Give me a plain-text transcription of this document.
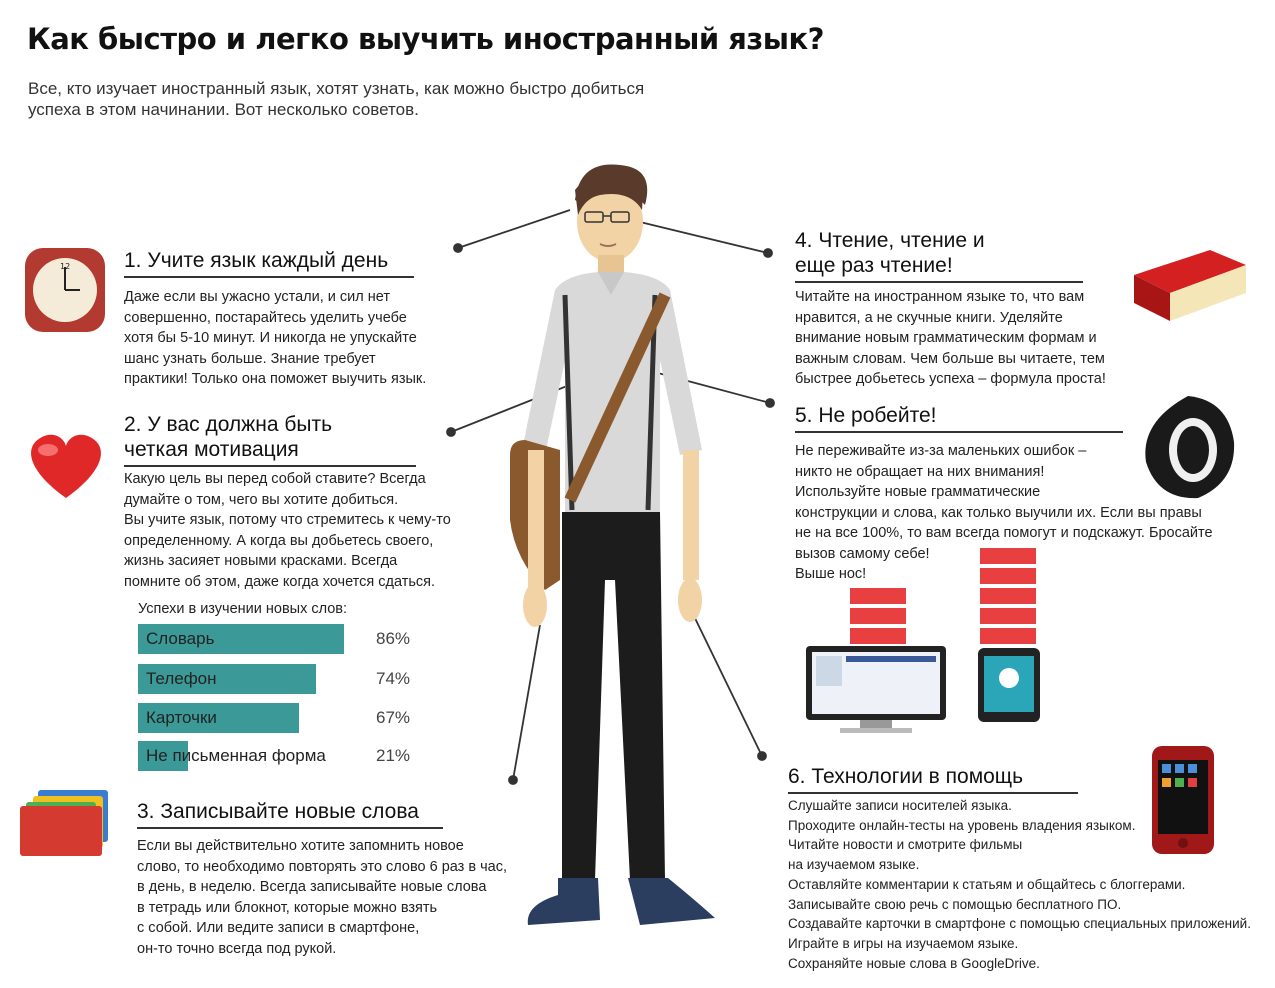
Как быстро и легко выучить иностранный язык?
Все, кто изучает иностранный язык, хотят узнать, как можно быстро добиться успеха в этом начинании. Вот несколько советов.
12	1. Учите язык каждый день
Даже если вы ужасно устали, и сил нет
совершенно, постарайтесь уделить учебе
хотя бы 5-10 минут. И никогда не упускайте
шанс узнать больше. Знание требует
практики! Только она поможет выучить язык.
2. У вас должна быть
четкая мотивация
Какую цель вы перед собой ставите? Всегда
думайте о том, чего вы хотите добиться.
Вы учите язык, потому что стремитесь к чему-то
определенному. А когда вы добьетесь своего,
жизнь засияет новыми красками. Всегда
помните об этом, даже когда хочется сдаться.
Успехи в изучении новых слов:
Словарь	86%
Телефон	74%
Карточки	67%
Не письменная форма	21%
3. Записывайте новые слова
Если вы действительно хотите запомнить новое
слово, то необходимо повторять это слово 6 раз в час,
в день, в неделю. Всегда записывайте новые слова
в тетрадь или блокнот, которые можно взять
с собой. Или ведите записи в смартфоне,
он-то точно всегда под рукой.
4. Чтение, чтение и
еще раз чтение!
Читайте на иностранном языке то, что вам
нравится, а не скучные книги. Уделяйте
внимание новым грамматическим формам и
важным словам. Чем больше вы читаете, тем
быстрее добьетесь успеха – формула проста!
5. Не робейте!
Не переживайте из-за маленьких ошибок –
никто не обращает на них внимания!
Используйте новые грамматические
конструкции и слова, как только выучили их. Если вы правы
не на все 100%, то вам всегда помогут и подскажут. Бросайте
вызов самому себе!
Выше нос!
6. Технологии в помощь
Слушайте записи носителей языка.
Проходите онлайн-тесты на уровень владения языком.
Читайте новости и смотрите фильмы
на изучаемом языке.
Оставляйте комментарии к статьям и общайтесь с блоггерами.
Записывайте свою речь с помощью бесплатного ПО.
Создавайте карточки в смартфоне с помощью специальных приложений.
Играйте в игры на изучаемом языке.
Сохраняйте новые слова в GoogleDrive.
